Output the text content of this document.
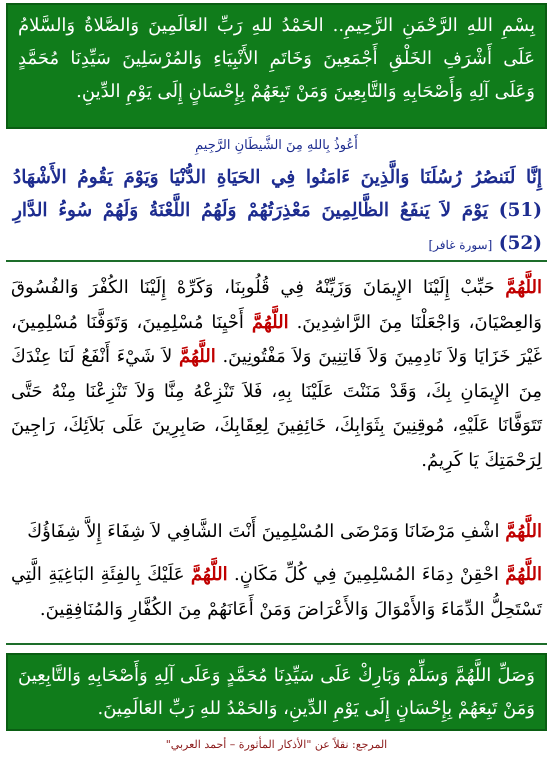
بِسْمِ اللهِ الرَّحْمَنِ الرَّحِيمِ.. الحَمْدُ للهِ رَبِّ العَالَمِينَ وَالصَّلاةُ وَالسَّلامُ عَلَى أَشْرَفِ الخَلْقِ أَجْمَعِينَ وَخَاتَمِ الأَنْبِيَاءِ وَالمُرْسَلِينَ سَيِّدِنَا مُحَمَّدٍ وَعَلَى آلِهِ وَأَصْحَابِهِ وَالتَّابِعِينَ وَمَنْ تَبِعَهُمْ بِإِحْسَانٍ إِلَى يَوْمِ الدِّينِ.

أَعُوذُ بِاللهِ مِنَ الشَّيطَانِ الرَّجِيمِ
إِنَّا لَنَنصُرُ رُسُلَنَا وَالَّذِينَ ءَامَنُوا فِي الحَيَاةِ الدُّنْيَا وَيَوْمَ يَقُومُ الأَشْهَادُ (51) يَوْمَ لاَ يَنفَعُ الظَّالِمِينَ مَعْذِرَتُهُمْ وَلَهُمُ اللَّعْنَةُ وَلَهُمْ سُوءُ الدَّارِ (52) [سورة غافر]

اللَّهُمَّ حَبِّبْ إِلَيْنَا الإِيمَانَ وَزَيِّنْهُ فِي قُلُوبِنَا، وَكَرِّهْ إِلَيْنَا الكُفْرَ وَالفُسُوقَ وَالعِصْيَانَ، وَاجْعَلْنَا مِنَ الرَّاشِدِينَ. اللَّهُمَّ أَحْيِنَا مُسْلِمِينَ، وَتَوَفَّنَا مُسْلِمِينَ، غَيْرَ خَزَايَا وَلاَ نَادِمِينَ وَلاَ فَاتِنِينَ وَلاَ مَفْتُونِينَ. اللَّهُمَّ لاَ شَيْءَ أَنْفَعُ لَنَا عِنْدَكَ مِنَ الإِيمَانِ بِكَ، وَقَدْ مَنَنْتَ عَلَيْنَا بِهِ، فَلاَ تَنْزِعْهُ مِنَّا وَلاَ تَنْزِعْنَا مِنْهُ حَتَّى تَتَوَفَّانَا عَلَيْهِ، مُوقِنِينَ بِثَوَابِكَ، خَائِفِينَ لِعِقَابِكَ، صَابِرِينَ عَلَى بَلاَئِكَ، رَاجِينَ لِرَحْمَتِكَ يَا كَرِيمُ.

اللَّهُمَّ اشْفِ مَرْضَانَا وَمَرْضَى المُسْلِمِينَ أَنْتَ الشَّافِي لاَ شِفَاءَ إِلاَّ شِفَاؤُكَ

اللَّهُمَّ احْقِنْ دِمَاءَ المُسْلِمِينَ فِي كُلِّ مَكَانٍ. اللَّهُمَّ عَلَيْكَ بِالفِئَةِ البَاغِيَةِ الَّتِي تَسْتَحِلُّ الدِّمَاءَ وَالأَمْوَالَ وَالأَعْرَاضَ وَمَنْ أَعَانَهُمْ مِنَ الكُفَّارِ وَالمُنَافِقِينَ.

وَصَلِّ اللَّهُمَّ وَسَلِّمْ وَبَارِكْ عَلَى سَيِّدِنَا مُحَمَّدٍ وَعَلَى آلِهِ وَأَصْحَابِهِ وَالتَّابِعِينَ وَمَنْ تَبِعَهُمْ بِإِحْسَانٍ إِلَى يَوْمِ الدِّينِ، وَالحَمْدُ للهِ رَبِّ العَالَمِينَ.

المرجع: نقلاً عن "الأذكار المأثورة – أحمد العربي"
